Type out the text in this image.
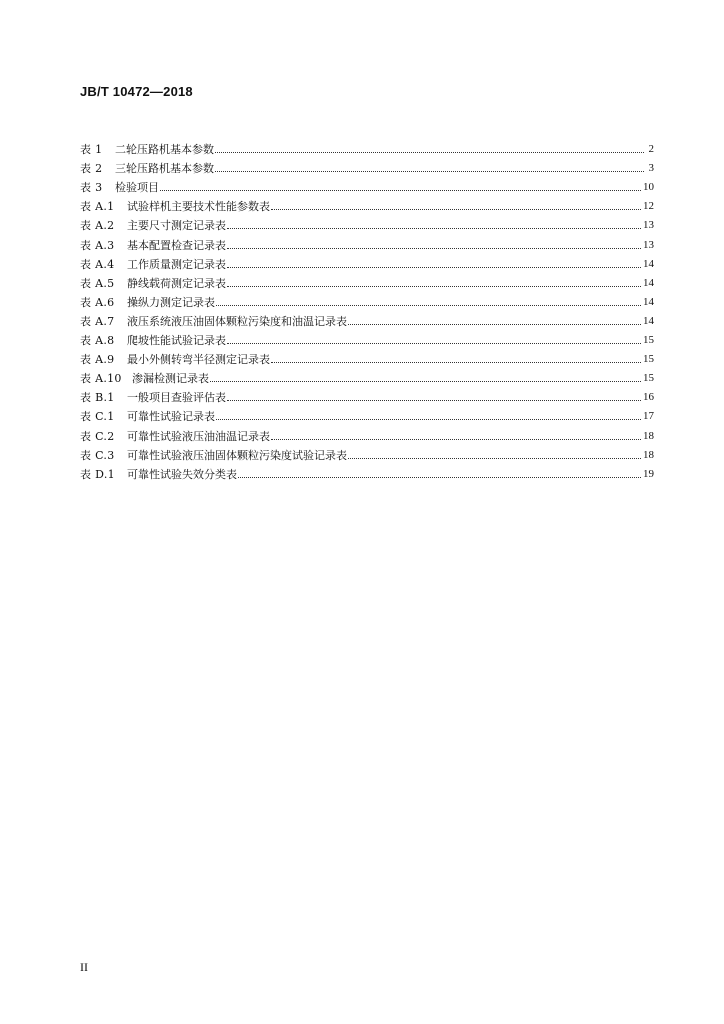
JB/T 10472—2018
表 1	二轮压路机基本参数	2
表 2	三轮压路机基本参数	3
表 3	检验项目	10
表 A.1	试验样机主要技术性能参数表	12
表 A.2	主要尺寸测定记录表	13
表 A.3	基本配置检查记录表	13
表 A.4	工作质量测定记录表	14
表 A.5	静线载荷测定记录表	14
表 A.6	操纵力测定记录表	14
表 A.7	液压系统液压油固体颗粒污染度和油温记录表	14
表 A.8	爬坡性能试验记录表	15
表 A.9	最小外侧转弯半径测定记录表	15
表 A.10 渗漏检测记录表	15
表 B.1	一般项目查验评估表	16
表 C.1	可靠性试验记录表	17
表 C.2	可靠性试验液压油油温记录表	18
表 C.3	可靠性试验液压油固体颗粒污染度试验记录表	18
表 D.1	可靠性试验失效分类表	19
II
